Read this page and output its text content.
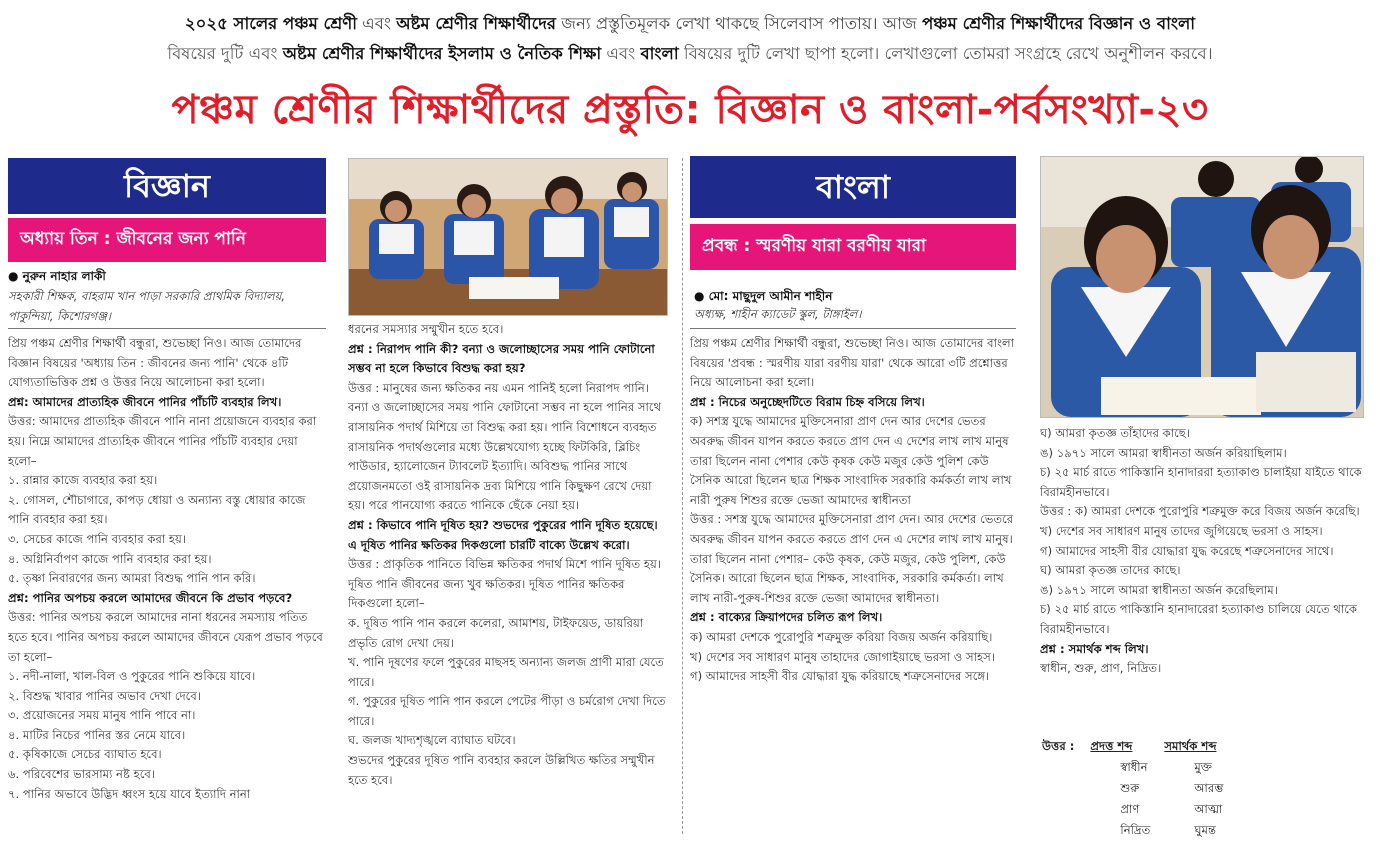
২০২৫ সালের পঞ্চম শ্রেণী এবং অষ্টম শ্রেণীর শিক্ষার্থীদের জন্য প্রস্তুতিমূলক লেখা থাকছে সিলেবাস পাতায়। আজ পঞ্চম শ্রেণীর শিক্ষার্থীদের বিজ্ঞান ও বাংলা
বিষয়ের দুটি এবং অষ্টম শ্রেণীর শিক্ষার্থীদের ইসলাম ও নৈতিক শিক্ষা এবং বাংলা বিষয়ের দুটি লেখা ছাপা হলো। লেখাগুলো তোমরা সংগ্রহে রেখে অনুশীলন করবে।
পঞ্চম শ্রেণীর শিক্ষার্থীদের প্রস্তুতি: বিজ্ঞান ও বাংলা-পর্বসংখ্যা-২৩
বিজ্ঞান
অধ্যায় তিন : জীবনের জন্য পানি
● নুরুন নাহার লাকী
সহকারী শিক্ষক, বাহরাম খান পাড়া সরকারি প্রাথমিক বিদ্যালয়, পাকুন্দিয়া, কিশোরগঞ্জ।

প্রিয় পঞ্চম শ্রেণীর শিক্ষার্থী বন্ধুরা, শুভেচ্ছা নিও। আজ তোমাদের বিজ্ঞান বিষয়ের 'অধ্যায় তিন : জীবনের জন্য পানি' থেকে ৪টি যোগ্যতাভিত্তিক প্রশ্ন ও উত্তর নিয়ে আলোচনা করা হলো।

প্রশ্ন: আমাদের প্রাত্যহিক জীবনে পানির পাঁচটি ব্যবহার লিখ।

উত্তর: আমাদের প্রাত্যহিক জীবনে পানি নানা প্রয়োজনে ব্যবহার করা হয়। নিম্নে আমাদের প্রাত্যহিক জীবনে পানির পাঁচটি ব্যবহার দেয়া হলো–

১. রান্নার কাজে ব্যবহার করা হয়।

২. গোসল, শৌচাগারে, কাপড় ধোয়া ও অন্যান্য বস্তু ধোয়ার কাজে পানি ব্যবহার করা হয়।

৩. সেচের কাজে পানি ব্যবহার করা হয়।

৪. অগ্নিনির্বাপণ কাজে পানি ব্যবহার করা হয়।

৫. তৃষ্ণা নিবারণের জন্য আমরা বিশুদ্ধ পানি পান করি।

প্রশ্ন: পানির অপচয় করলে আমাদের জীবনে কি প্রভাব পড়বে?

উত্তর: পানির অপচয় করলে আমাদের নানা ধরনের সমস্যায় পতিত হতে হবে। পানির অপচয় করলে আমাদের জীবনে যেরূপ প্রভাব পড়বে তা হলো–

১. নদী-নালা, খাল-বিল ও পুকুরের পানি শুকিয়ে যাবে।

২. বিশুদ্ধ খাবার পানির অভাব দেখা দেবে।

৩. প্রয়োজনের সময় মানুষ পানি পাবে না।

৪. মাটির নিচের পানির স্তর নেমে যাবে।

৫. কৃষিকাজে সেচের ব্যাঘাত হবে।

৬. পরিবেশের ভারসাম্য নষ্ট হবে।

৭. পানির অভাবে উদ্ভিদ ধ্বংস হয়ে যাবে ইত্যাদি নানা

ধরনের সমস্যার সম্মুখীন হতে হবে।

প্রশ্ন : নিরাপদ পানি কী? বন্যা ও জলোচ্ছাসের সময় পানি ফোটানো সম্ভব না হলে কিভাবে বিশুদ্ধ করা হয়?

উত্তর : মানুষের জন্য ক্ষতিকর নয় এমন পানিই হলো নিরাপদ পানি। বন্যা ও জলোচ্ছাসের সময় পানি ফোটানো সম্ভব না হলে পানির সাথে রাসায়নিক পদার্থ মিশিয়ে তা বিশুদ্ধ করা হয়। পানি বিশোধনে ব্যবহৃত রাসায়নিক পদার্থগুলোর মধ্যে উল্লেখযোগ্য হচ্ছে ফিটকিরি, ব্লিচিং পাউডার, হ্যালোজেন ট্যাবলেট ইত্যাদি। অবিশুদ্ধ পানির সাথে প্রয়োজনমতো ওই রাসায়নিক দ্রব্য মিশিয়ে পানি কিছুক্ষণ রেখে দেয়া হয়। পরে পানযোগ্য করতে পানিকে ছেঁকে নেয়া হয়।

প্রশ্ন : কিভাবে পানি দূষিত হয়? শুভদের পুকুরের পানি দূষিত হয়েছে। এ দূষিত পানির ক্ষতিকর দিকগুলো চারটি বাক্যে উল্লেখ করো।

উত্তর : প্রাকৃতিক পানিতে বিভিন্ন ক্ষতিকর পদার্থ মিশে পানি দূষিত হয়। দূষিত পানি জীবনের জন্য খুব ক্ষতিকর। দূষিত পানির ক্ষতিকর দিকগুলো হলো–

ক. দূষিত পানি পান করলে কলেরা, আমাশয়, টাইফয়েড, ডায়রিয়া প্রভৃতি রোগ দেখা দেয়।

খ. পানি দূষণের ফলে পুকুরের মাছসহ অন্যান্য জলজ প্রাণী মারা যেতে পারে।

গ. পুকুরের দূষিত পানি পান করলে পেটের পীড়া ও চর্মরোগ দেখা দিতে পারে।

ঘ. জলজ খাদ্যশৃঙ্খলে ব্যাঘাত ঘটবে।

শুভদের পুকুরের দূষিত পানি ব্যবহার করলে উল্লিখিত ক্ষতির সম্মুখীন হতে হবে।

বাংলা
প্রবন্ধ : স্মরণীয় যারা বরণীয় যারা
● মো: মাছুদুল আমীন শাহীন
অধ্যক্ষ, শাহীন ক্যাডেট স্কুল, টাঙ্গাইল।

প্রিয় পঞ্চম শ্রেণীর শিক্ষার্থী বন্ধুরা, শুভেচ্ছা নিও। আজ তোমাদের বাংলা বিষয়ের 'প্রবন্ধ : স্মরণীয় যারা বরণীয় যারা' থেকে আরো ৩টি প্রশ্নোত্তর নিয়ে আলোচনা করা হলো।

প্রশ্ন : নিচের অনুচ্ছেদটিতে বিরাম চিহ্ন বসিয়ে লিখ।

ক) সশস্ত্র যুদ্ধে আমাদের মুক্তিসেনারা প্রাণ দেন আর দেশের ভেতর অবরুদ্ধ জীবন যাপন করতে করতে প্রাণ দেন এ দেশের লাখ লাখ মানুষ তারা ছিলেন নানা পেশার কেউ কৃষক কেউ মজুর কেউ পুলিশ কেউ সৈনিক আরো ছিলেন ছাত্র শিক্ষক সাংবাদিক সরকারি কর্মকর্তা লাখ লাখ নারী পুরুষ শিশুর রক্তে ভেজা আমাদের স্বাধীনতা

উত্তর : সশস্ত্র যুদ্ধে আমাদের মুক্তিসেনারা প্রাণ দেন। আর দেশের ভেতরে অবরুদ্ধ জীবন যাপন করতে করতে প্রাণ দেন এ দেশের লাখ লাখ মানুষ। তারা ছিলেন নানা পেশার– কেউ কৃষক, কেউ মজুর, কেউ পুলিশ, কেউ সৈনিক। আরো ছিলেন ছাত্র শিক্ষক, সাংবাদিক, সরকারি কর্মকর্তা। লাখ লাখ নারী-পুরুষ-শিশুর রক্তে ভেজা আমাদের স্বাধীনতা।

প্রশ্ন : বাক্যের ক্রিয়াপদের চলিত রূপ লিখ।

ক) আমরা দেশকে পুরোপুরি শত্রুমুক্ত করিয়া বিজয় অর্জন করিয়াছি।

খ) দেশের সব সাধারণ মানুষ তাহাদের জোগাইয়াছে ভরসা ও সাহস।

গ) আমাদের সাহসী বীর যোদ্ধারা যুদ্ধ করিয়াছে শত্রুসেনাদের সঙ্গে।

ঘ) আমরা কৃতজ্ঞ তাঁহাদের কাছে।

ঙ) ১৯৭১ সালে আমরা স্বাধীনতা অর্জন করিয়াছিলাম।

চ) ২৫ মার্চ রাতে পাকিস্তানি হানাদাররা হত্যাকাণ্ড চালাইয়া যাইতে থাকে বিরামহীনভাবে।

উত্তর : ক) আমরা দেশকে পুরোপুরি শত্রুমুক্ত করে বিজয় অর্জন করেছি।

খ) দেশের সব সাধারণ মানুষ তাদের জুগিয়েছে ভরসা ও সাহস।

গ) আমাদের সাহসী বীর যোদ্ধারা যুদ্ধ করেছে শত্রুসেনাদের সাথে।

ঘ) আমরা কৃতজ্ঞ তাদের কাছে।

ঙ) ১৯৭১ সালে আমরা স্বাধীনতা অর্জন করেছিলাম।

চ) ২৫ মার্চ রাতে পাকিস্তানি হানাদারেরা হত্যাকাণ্ড চালিয়ে যেতে থাকে বিরামহীনভাবে।

প্রশ্ন : সমার্থক শব্দ লিখ।

স্বাধীন, শুরু, প্রাণ, নিদ্রিত।

উত্তর :	প্রদত্ত শব্দ	সমার্থক শব্দ
	স্বাধীন	মুক্ত
	শুরু	আরম্ভ
	প্রাণ	আত্মা
	নিদ্রিত	ঘুমন্ত
